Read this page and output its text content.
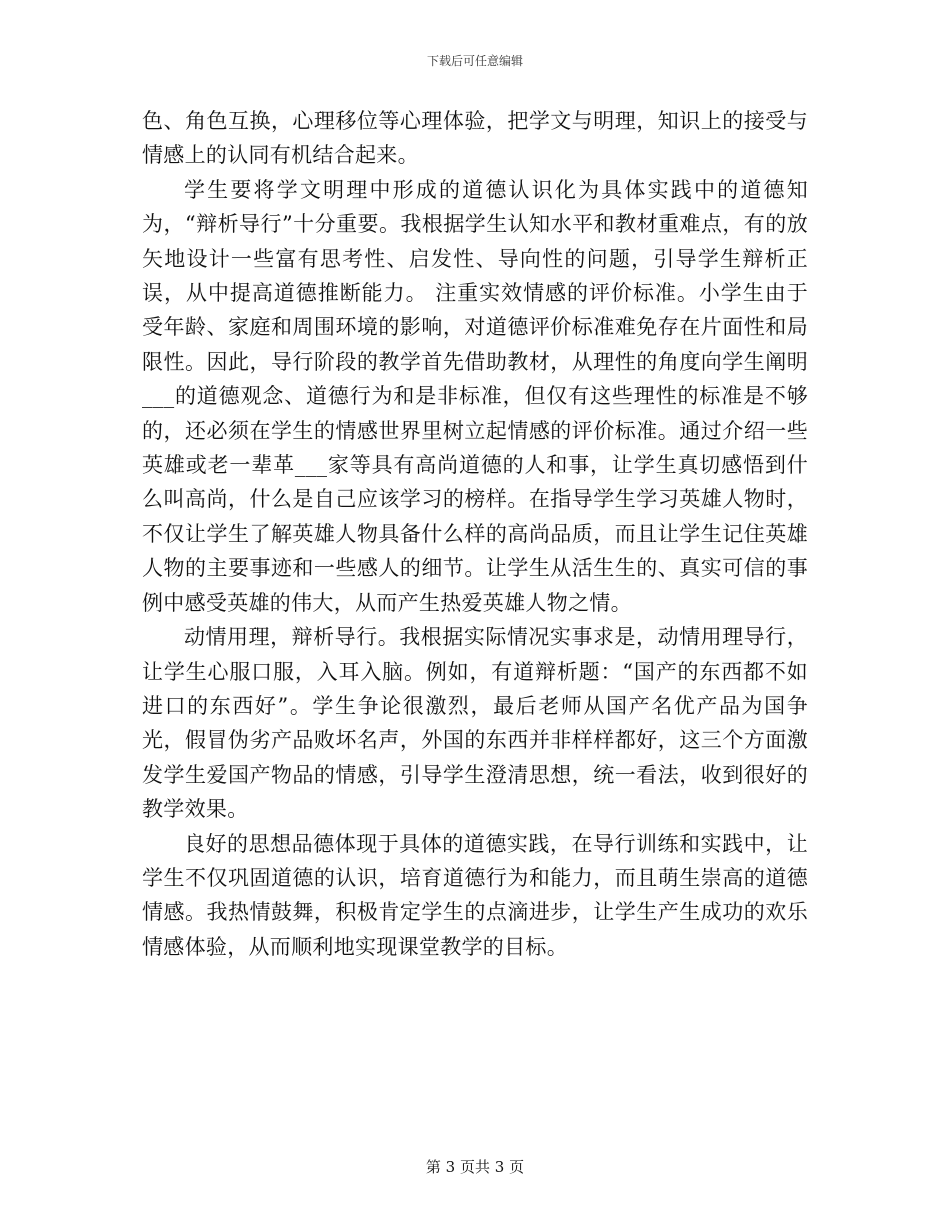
下载后可任意编辑

色、角色互换，心理移位等心理体验，把学文与明理，知识上的接受与情感上的认同有机结合起来。

学生要将学文明理中形成的道德认识化为具体实践中的道德知为，“辩析导行”十分重要。我根据学生认知水平和教材重难点，有的放矢地设计一些富有思考性、启发性、导向性的问题，引导学生辩析正误，从中提高道德推断能力。 注重实效情感的评价标准。小学生由于受年龄、家庭和周围环境的影响，对道德评价标准难免存在片面性和局限性。因此，导行阶段的教学首先借助教材，从理性的角度向学生阐明___的道德观念、道德行为和是非标准，但仅有这些理性的标准是不够的，还必须在学生的情感世界里树立起情感的评价标准。通过介绍一些英雄或老一辈革___家等具有高尚道德的人和事，让学生真切感悟到什么叫高尚，什么是自己应该学习的榜样。在指导学生学习英雄人物时，不仅让学生了解英雄人物具备什么样的高尚品质，而且让学生记住英雄人物的主要事迹和一些感人的细节。让学生从活生生的、真实可信的事例中感受英雄的伟大，从而产生热爱英雄人物之情。

动情用理，辩析导行。我根据实际情况实事求是，动情用理导行，让学生心服口服，入耳入脑。例如，有道辩析题：“国产的东西都不如进口的东西好”。学生争论很激烈，最后老师从国产名优产品为国争光，假冒伪劣产品败坏名声，外国的东西并非样样都好，这三个方面激发学生爱国产物品的情感，引导学生澄清思想，统一看法，收到很好的教学效果。

良好的思想品德体现于具体的道德实践，在导行训练和实践中，让学生不仅巩固道德的认识，培育道德行为和能力，而且萌生崇高的道德情感。我热情鼓舞，积极肯定学生的点滴进步，让学生产生成功的欢乐情感体验，从而顺利地实现课堂教学的目标。

第 3 页共 3 页
